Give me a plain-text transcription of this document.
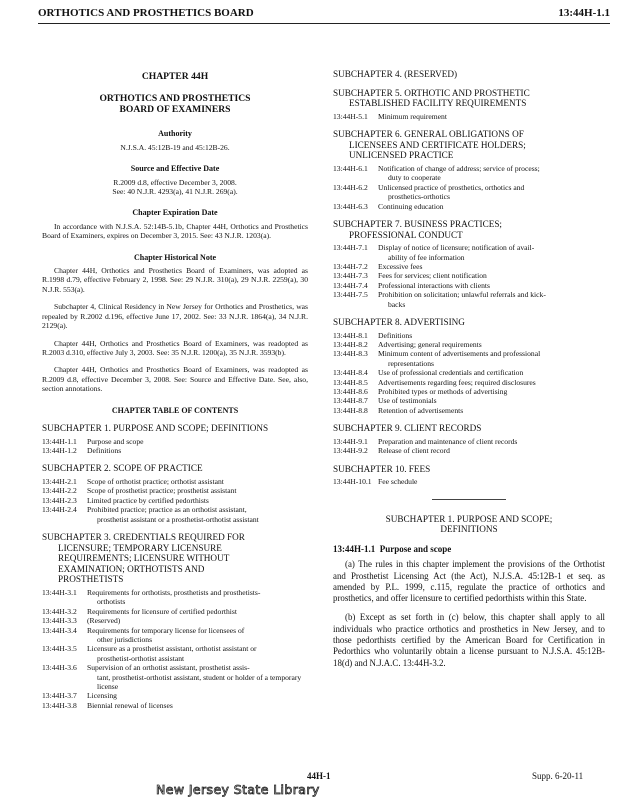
ORTHOTICS AND PROSTHETICS BOARD	13:44H-1.1
CHAPTER 44H
ORTHOTICS AND PROSTHETICS
BOARD OF EXAMINERS
Authority

N.J.S.A. 45:12B-19 and 45:12B-26.

Source and Effective Date

R.2009 d.8, effective December 3, 2008.

See: 40 N.J.R. 4293(a), 41 N.J.R. 269(a).

Chapter Expiration Date

In accordance with N.J.S.A. 52:14B-5.1b, Chapter 44H, Orthotics and Prosthetics Board of Examiners, expires on December 3, 2015. See: 43 N.J.R. 1203(a).

Chapter Historical Note

Chapter 44H, Orthotics and Prosthetics Board of Examiners, was adopted as R.1998 d.79, effective February 2, 1998. See: 29 N.J.R. 310(a), 29 N.J.R. 2259(a), 30 N.J.R. 553(a).

Subchapter 4, Clinical Residency in New Jersey for Orthotics and Prosthetics, was repealed by R.2002 d.196, effective June 17, 2002. See: 33 N.J.R. 1864(a), 34 N.J.R. 2129(a).

Chapter 44H, Orthotics and Prosthetics Board of Examiners, was readopted as R.2003 d.310, effective July 3, 2003. See: 35 N.J.R. 1200(a), 35 N.J.R. 3593(b).

Chapter 44H, Orthotics and Prosthetics Board of Examiners, was readopted as R.2009 d.8, effective December 3, 2008. See: Source and Effective Date. See, also, section annotations.

CHAPTER TABLE OF CONTENTS
SUBCHAPTER 1. PURPOSE AND SCOPE; DEFINITIONS
13:44H-1.1	Purpose and scope
13:44H-1.2	Definitions
SUBCHAPTER 2. SCOPE OF PRACTICE
13:44H-2.1	Scope of orthotist practice; orthotist assistant
13:44H-2.2	Scope of prosthetist practice; prosthetist assistant
13:44H-2.3	Limited practice by certified pedorthists
13:44H-2.4	Prohibited practice; practice as an orthotist assistant,
prosthetist assistant or a prosthetist-orthotist assistant
SUBCHAPTER 3. CREDENTIALS REQUIRED FOR
LICENSURE; TEMPORARY LICENSURE
REQUIREMENTS; LICENSURE WITHOUT
EXAMINATION; ORTHOTISTS AND
PROSTHETISTS
13:44H-3.1	Requirements for orthotists, prosthetists and prosthetists-
orthotists
13:44H-3.2	Requirements for licensure of certified pedorthist
13:44H-3.3	(Reserved)
13:44H-3.4	Requirements for temporary license for licensees of
other jurisdictions
13:44H-3.5	Licensure as a prosthetist assistant, orthotist assistant or
prosthetist-orthotist assistant
13:44H-3.6	Supervision of an orthotist assistant, prosthetist assis-
tant, prosthetist-orthotist assistant, student or holder of a temporary license
13:44H-3.7	Licensing
13:44H-3.8	Biennial renewal of licenses
SUBCHAPTER 4. (RESERVED)
SUBCHAPTER 5. ORTHOTIC AND PROSTHETIC
ESTABLISHED FACILITY REQUIREMENTS
13:44H-5.1	Minimum requirement
SUBCHAPTER 6. GENERAL OBLIGATIONS OF
LICENSEES AND CERTIFICATE HOLDERS;
UNLICENSED PRACTICE
13:44H-6.1	Notification of change of address; service of process;
duty to cooperate
13:44H-6.2	Unlicensed practice of prosthetics, orthotics and
prosthetics-orthotics
13:44H-6.3	Continuing education
SUBCHAPTER 7. BUSINESS PRACTICES;
PROFESSIONAL CONDUCT
13:44H-7.1	Display of notice of licensure; notification of avail-
ability of fee information
13:44H-7.2	Excessive fees
13:44H-7.3	Fees for services; client notification
13:44H-7.4	Professional interactions with clients
13:44H-7.5	Prohibition on solicitation; unlawful referrals and kick-
backs
SUBCHAPTER 8. ADVERTISING
13:44H-8.1	Definitions
13:44H-8.2	Advertising; general requirements
13:44H-8.3	Minimum content of advertisements and professional
representations
13:44H-8.4	Use of professional credentials and certification
13:44H-8.5	Advertisements regarding fees; required disclosures
13:44H-8.6	Prohibited types or methods of advertising
13:44H-8.7	Use of testimonials
13:44H-8.8	Retention of advertisements
SUBCHAPTER 9. CLIENT RECORDS
13:44H-9.1	Preparation and maintenance of client records
13:44H-9.2	Release of client record
SUBCHAPTER 10. FEES
13:44H-10.1 Fee schedule
SUBCHAPTER 1. PURPOSE AND SCOPE;
DEFINITIONS
13:44H-1.1 Purpose and scope

(a) The rules in this chapter implement the provisions of the Orthotist and Prosthetist Licensing Act (the Act), N.J.S.A. 45:12B-1 et seq. as amended by P.L. 1999, c.115, regulate the practice of orthotics and prosthetics, and offer licensure to certified pedorthists within this State.

(b) Except as set forth in (c) below, this chapter shall apply to all individuals who practice orthotics and prosthetics in New Jersey, and to those pedorthists certified by the American Board for Certification in Pedorthics who voluntarily obtain a license pursuant to N.J.S.A. 45:12B-18(d) and N.J.A.C. 13:44H-3.2.

44H-1	Supp. 6-20-11
New Jersey State Library
